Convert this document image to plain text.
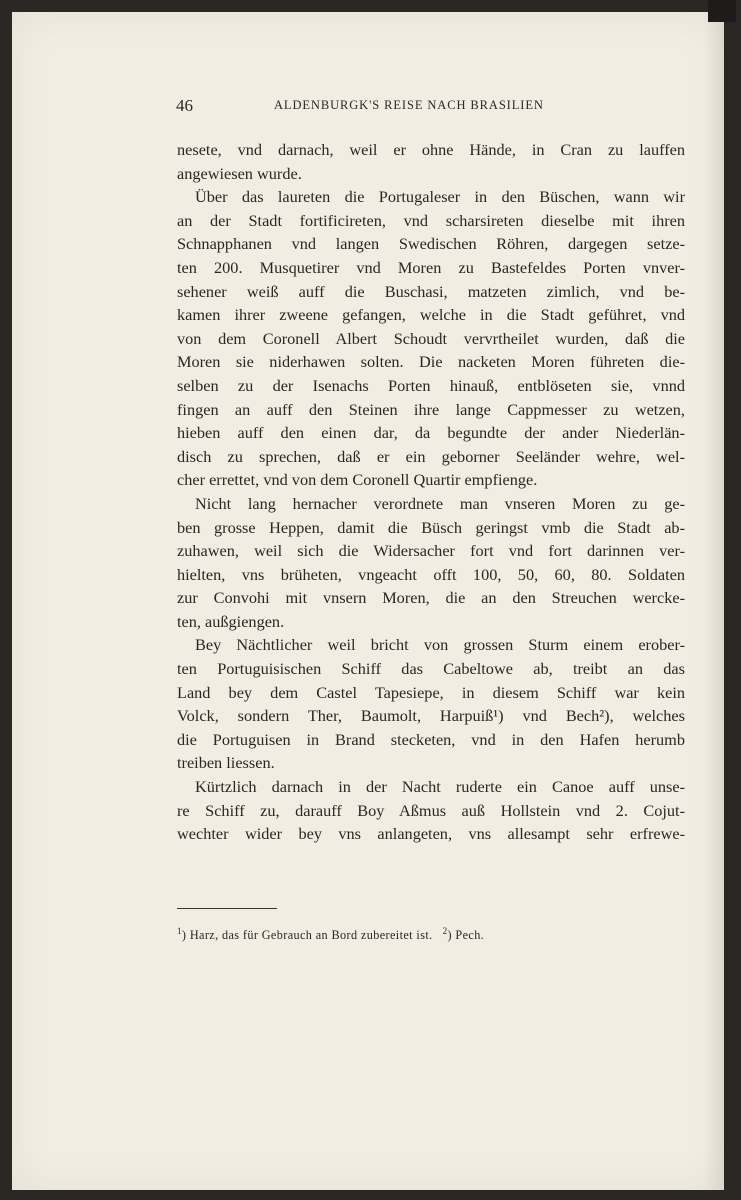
46	ALDENBURGK'S REISE NACH BRASILIEN
nesete, vnd darnach, weil er ohne Hände, in Cran zu lauffen
angewiesen wurde.
Über das laureten die Portugaleser in den Büschen, wann wir
an der Stadt fortificireten, vnd scharsireten dieselbe mit ihren
Schnapphanen vnd langen Swedischen Röhren, dargegen setze-
ten 200. Musquetirer vnd Moren zu Bastefeldes Porten vnver-
sehener weiß auff die Buschasi, matzeten zimlich, vnd be-
kamen ihrer zweene gefangen, welche in die Stadt geführet, vnd
von dem Coronell Albert Schoudt vervrtheilet wurden, daß die
Moren sie niderhawen solten. Die nacketen Moren führeten die-
selben zu der Isenachs Porten hinauß, entblöseten sie, vnnd
fingen an auff den Steinen ihre lange Cappmesser zu wetzen,
hieben auff den einen dar, da begundte der ander Niederlän-
disch zu sprechen, daß er ein geborner Seeländer wehre, wel-
cher errettet, vnd von dem Coronell Quartir empfienge.
Nicht lang hernacher verordnete man vnseren Moren zu ge-
ben grosse Heppen, damit die Büsch geringst vmb die Stadt ab-
zuhawen, weil sich die Widersacher fort vnd fort darinnen ver-
hielten, vns brüheten, vngeacht offt 100, 50, 60, 80. Soldaten
zur Convohi mit vnsern Moren, die an den Streuchen wercke-
ten, außgiengen.
Bey Nächtlicher weil bricht von grossen Sturm einem erober-
ten Portuguisischen Schiff das Cabeltowe ab, treibt an das
Land bey dem Castel Tapesiepe, in diesem Schiff war kein
Volck, sondern Ther, Baumolt, Harpuiß¹) vnd Bech²), welches
die Portuguisen in Brand stecketen, vnd in den Hafen herumb
treiben liessen.
Kürtzlich darnach in der Nacht ruderte ein Canoe auff unse-
re Schiff zu, darauff Boy Aßmus auß Hollstein vnd 2. Cojut-
wechter wider bey vns anlangeten, vns allesampt sehr erfrewe-
$^1$) Harz, das für Gebrauch an Bord zubereitet ist. $^2$) Pech.
